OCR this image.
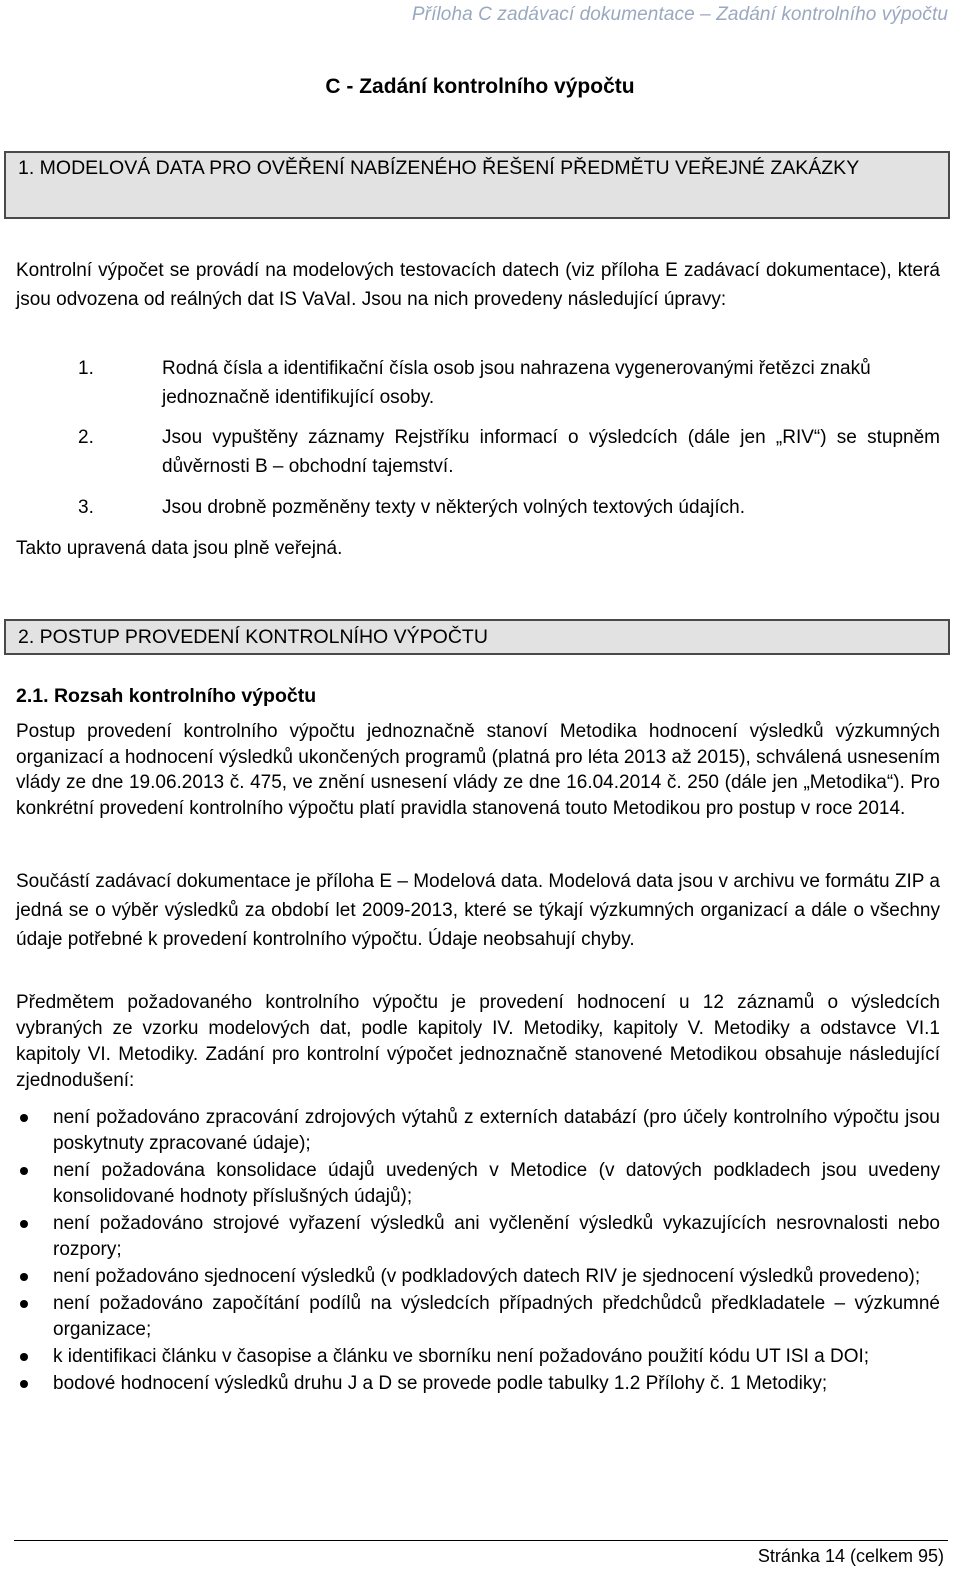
Příloha C zadávací dokumentace – Zadání kontrolního výpočtu
C - Zadání kontrolního výpočtu
1. MODELOVÁ DATA PRO OVĚŘENÍ NABÍZENÉHO ŘEŠENÍ PŘEDMĚTU VEŘEJNÉ ZAKÁZKY
Kontrolní výpočet se provádí na modelových testovacích datech (viz příloha E zadávací dokumentace), která jsou odvozena od reálných dat IS VaVaI. Jsou na nich provedeny následující úpravy:
1.	Rodná čísla a identifikační čísla osob jsou nahrazena vygenerovanými řetězci znaků jednoznačně identifikující osoby.
2.	Jsou vypuštěny záznamy Rejstříku informací o výsledcích (dále jen „RIV“) se stupněm důvěrnosti B – obchodní tajemství.
3.	Jsou drobně pozměněny texty v některých volných textových údajích.
Takto upravená data jsou plně veřejná.
2. POSTUP PROVEDENÍ KONTROLNÍHO VÝPOČTU
2.1. Rozsah kontrolního výpočtu
Postup provedení kontrolního výpočtu jednoznačně stanoví Metodika hodnocení výsledků výzkumných organizací a hodnocení výsledků ukončených programů (platná pro léta 2013 až 2015), schválená usnesením vlády ze dne 19.06.2013 č. 475, ve znění usnesení vlády ze dne 16.04.2014 č. 250 (dále jen „Metodika“). Pro konkrétní provedení kontrolního výpočtu platí pravidla stanovená touto Metodikou pro postup v roce 2014.
Součástí zadávací dokumentace je příloha E – Modelová data. Modelová data jsou v archivu ve formátu ZIP a jedná se o výběr výsledků za období let 2009-2013, které se týkají výzkumných organizací a dále o všechny údaje potřebné k provedení kontrolního výpočtu. Údaje neobsahují chyby.
Předmětem požadovaného kontrolního výpočtu je provedení hodnocení u 12 záznamů o výsledcích vybraných ze vzorku modelových dat, podle kapitoly IV. Metodiky, kapitoly V. Metodiky a odstavce VI.1 kapitoly VI. Metodiky. Zadání pro kontrolní výpočet jednoznačně stanovené Metodikou obsahuje následující zjednodušení:
není požadováno zpracování zdrojových výtahů z externích databází (pro účely kontrolního výpočtu jsou poskytnuty zpracované údaje);
není požadována konsolidace údajů uvedených v Metodice (v datových podkladech jsou uvedeny konsolidované hodnoty příslušných údajů);
není požadováno strojové vyřazení výsledků ani vyčlenění výsledků vykazujících nesrovnalosti nebo rozpory;
není požadováno sjednocení výsledků (v podkladových datech RIV je sjednocení výsledků provedeno);
není požadováno započítání podílů na výsledcích případných předchůdců předkladatele – výzkumné organizace;
k identifikaci článku v časopise a článku ve sborníku není požadováno použití kódu UT ISI a DOI;
bodové hodnocení výsledků druhu J a D se provede podle tabulky 1.2 Přílohy č. 1 Metodiky;
Stránka 14 (celkem 95)
